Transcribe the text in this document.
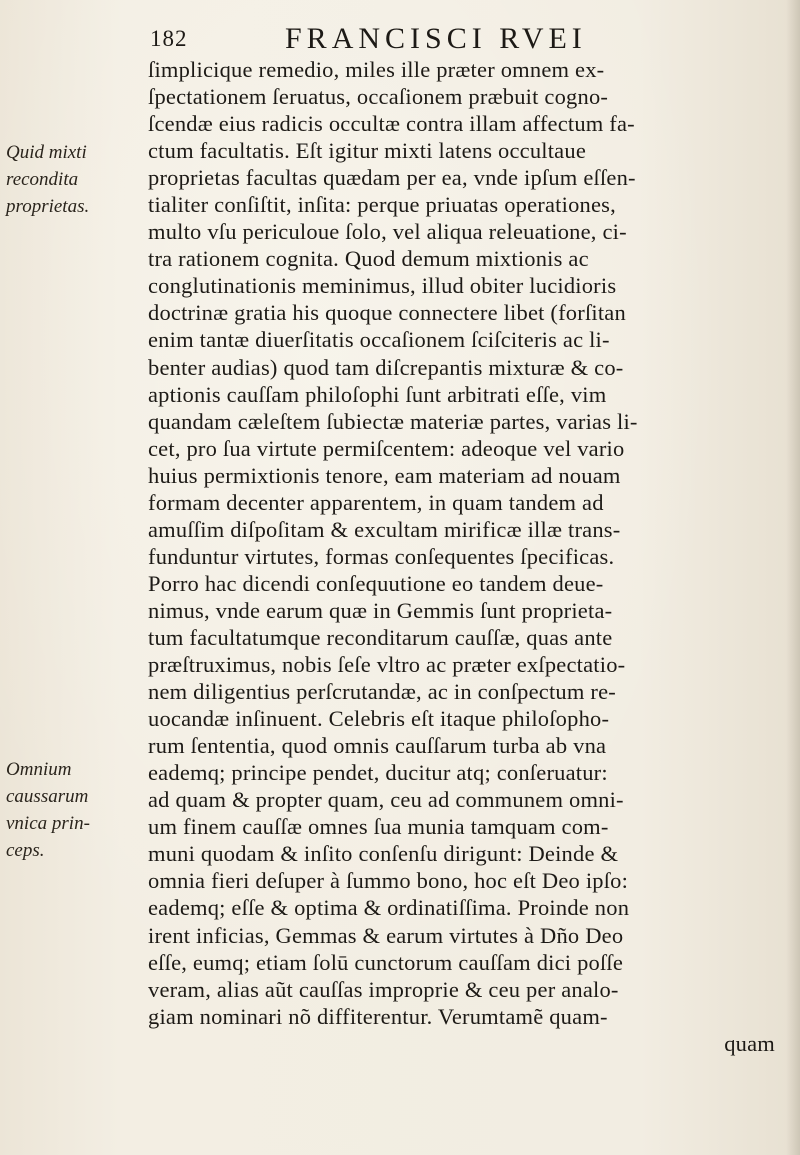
182	FRANCISCI RVEI
Quid mixti
recondita
proprietas.
Omnium
caussarum
vnica prin-
ceps.
ſimplicique remedio, miles ille præter omnem ex-
ſpectationem ſeruatus, occaſionem præbuit cogno-
ſcendæ eius radicis occultæ contra illam affectum fa-
ctum facultatis. Eſt igitur mixti latens occultaue
proprietas facultas quædam per ea, vnde ipſum eſſen-
tialiter conſiſtit, inſita: perque priuatas operationes,
multo vſu periculoue ſolo, vel aliqua releuatione, ci-
tra rationem cognita. Quod demum mixtionis ac
conglutinationis meminimus, illud obiter lucidioris
doctrinæ gratia his quoque connectere libet (forſitan
enim tantæ diuerſitatis occaſionem ſciſciteris ac li-
benter audias) quod tam diſcrepantis mixturæ & co-
aptionis cauſſam philoſophi ſunt arbitrati eſſe, vim
quandam cæleſtem ſubiectæ materiæ partes, varias li-
cet, pro ſua virtute permiſcentem: adeoque vel vario
huius permixtionis tenore, eam materiam ad nouam
formam decenter apparentem, in quam tandem ad
amuſſim diſpoſitam & excultam mirificæ illæ trans-
funduntur virtutes, formas conſequentes ſpecificas.
Porro hac dicendi conſequutione eo tandem deue-
nimus, vnde earum quæ in Gemmis ſunt proprieta-
tum facultatumque reconditarum cauſſæ, quas ante
præſtruximus, nobis ſeſe vltro ac præter exſpectatio-
nem diligentius perſcrutandæ, ac in conſpectum re-
uocandæ inſinuent. Celebris eſt itaque philoſopho-
rum ſententia, quod omnis cauſſarum turba ab vna
eademq; principe pendet, ducitur atq; conſeruatur:
ad quam & propter quam, ceu ad communem omni-
um finem cauſſæ omnes ſua munia tamquam com-
muni quodam & inſito conſenſu dirigunt: Deinde &
omnia fieri deſuper à ſummo bono, hoc eſt Deo ipſo:
eademq; eſſe & optima & ordinatiſſima. Proinde non
irent inficias, Gemmas & earum virtutes à Dño Deo
eſſe, eumq; etiam ſolū cunctorum cauſſam dici poſſe
veram, alias aũt cauſſas improprie & ceu per analo-
giam nominari nõ diffiterentur. Verumtamẽ quam-
quam
